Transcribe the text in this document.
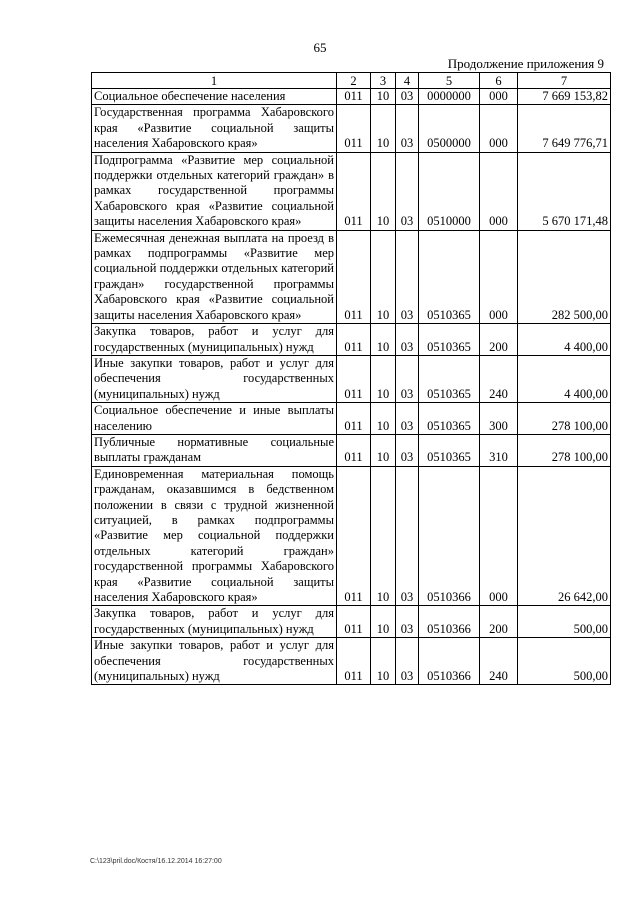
65
Продолжение приложения 9
1	2	3	4	5	6	7
Социальное обеспечение населения	011	10	03	0000000	000	7 669 153,82
Государственная программа Хабаровского края «Развитие социальной защиты населения Хабаровского края»	011	10	03	0500000	000	7 649 776,71
Подпрограмма «Развитие мер социальной поддержки отдельных категорий граждан» в рамках государственной программы Хабаровского края «Развитие социальной защиты населения Хабаровского края»	011	10	03	0510000	000	5 670 171,48
Ежемесячная денежная выплата на проезд в рамках подпрограммы «Развитие мер социальной поддержки отдельных категорий граждан» государственной программы Хабаровского края «Развитие социальной защиты населения Хабаровского края»	011	10	03	0510365	000	282 500,00
Закупка товаров, работ и услуг для государственных (муниципальных) нужд	011	10	03	0510365	200	4 400,00
Иные закупки товаров, работ и услуг для обеспечения государственных (муниципальных) нужд	011	10	03	0510365	240	4 400,00
Социальное обеспечение и иные выплаты населению	011	10	03	0510365	300	278 100,00
Публичные нормативные социальные выплаты гражданам	011	10	03	0510365	310	278 100,00
Единовременная материальная помощь гражданам, оказавшимся в бедственном положении в связи с трудной жизненной ситуацией, в рамках подпрограммы «Развитие мер социальной поддержки отдельных категорий граждан» государственной программы Хабаровского края «Развитие социальной защиты населения Хабаровского края»	011	10	03	0510366	000	26 642,00
Закупка товаров, работ и услуг для государственных (муниципальных) нужд	011	10	03	0510366	200	500,00
Иные закупки товаров, работ и услуг для обеспечения государственных (муниципальных) нужд	011	10	03	0510366	240	500,00
C:\123\pril.doc/Костя/16.12.2014 16:27:00
